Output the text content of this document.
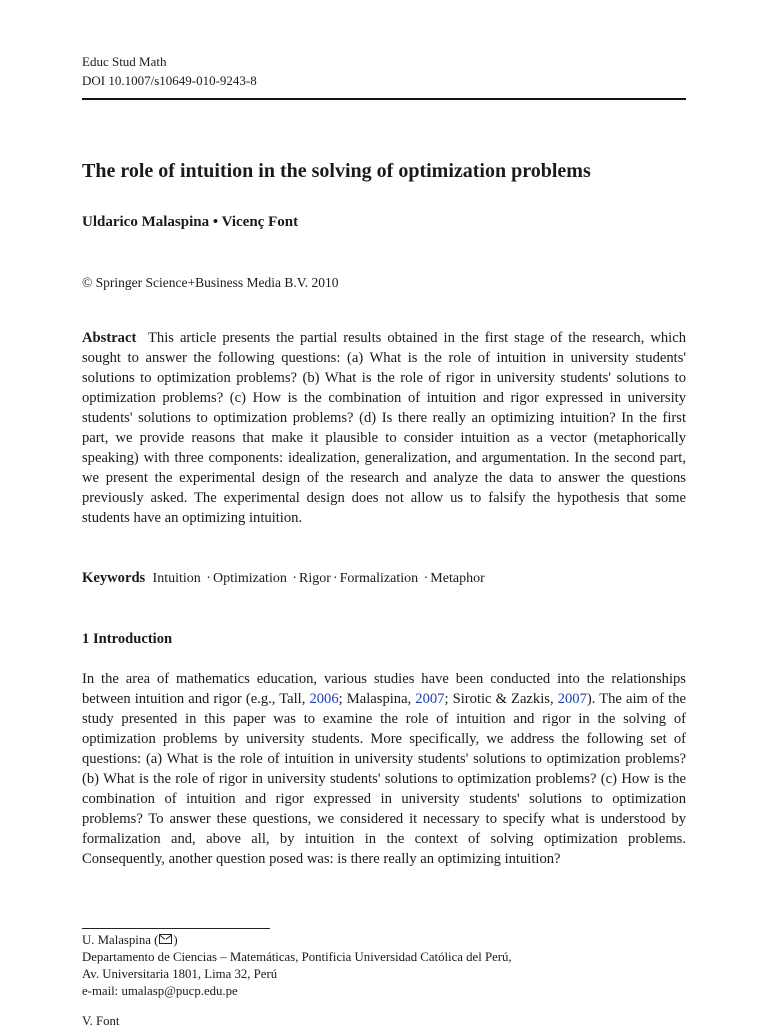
Educ Stud Math
DOI 10.1007/s10649-010-9243-8
The role of intuition in the solving of optimization problems
Uldarico Malaspina • Vicenç Font
© Springer Science+Business Media B.V. 2010
Abstract This article presents the partial results obtained in the first stage of the research, which sought to answer the following questions: (a) What is the role of intuition in university students' solutions to optimization problems? (b) What is the role of rigor in university students' solutions to optimization problems? (c) How is the combination of intuition and rigor expressed in university students' solutions to optimization problems? (d) Is there really an optimizing intuition? In the first part, we provide reasons that make it plausible to consider intuition as a vector (metaphorically speaking) with three components: idealization, generalization, and argumentation. In the second part, we present the experimental design of the research and analyze the data to answer the questions previously asked. The experimental design does not allow us to falsify the hypothesis that some students have an optimizing intuition.
Keywords Intuition · Optimization · Rigor · Formalization · Metaphor
1 Introduction
In the area of mathematics education, various studies have been conducted into the relationships between intuition and rigor (e.g., Tall, 2006; Malaspina, 2007; Sirotic & Zazkis, 2007). The aim of the study presented in this paper was to examine the role of intuition and rigor in the solving of optimization problems by university students. More specifically, we address the following set of questions: (a) What is the role of intuition in university students' solutions to optimization problems? (b) What is the role of rigor in university students' solutions to optimization problems? (c) How is the combination of intuition and rigor expressed in university students' solutions to optimization problems? To answer these questions, we considered it necessary to specify what is understood by formalization and, above all, by intuition in the context of solving optimization problems. Consequently, another question posed was: is there really an optimizing intuition?
U. Malaspina ( )
Departamento de Ciencias – Matemáticas, Pontificia Universidad Católica del Perú,
Av. Universitaria 1801, Lima 32, Perú
e-mail: umalasp@pucp.edu.pe
V. Font
